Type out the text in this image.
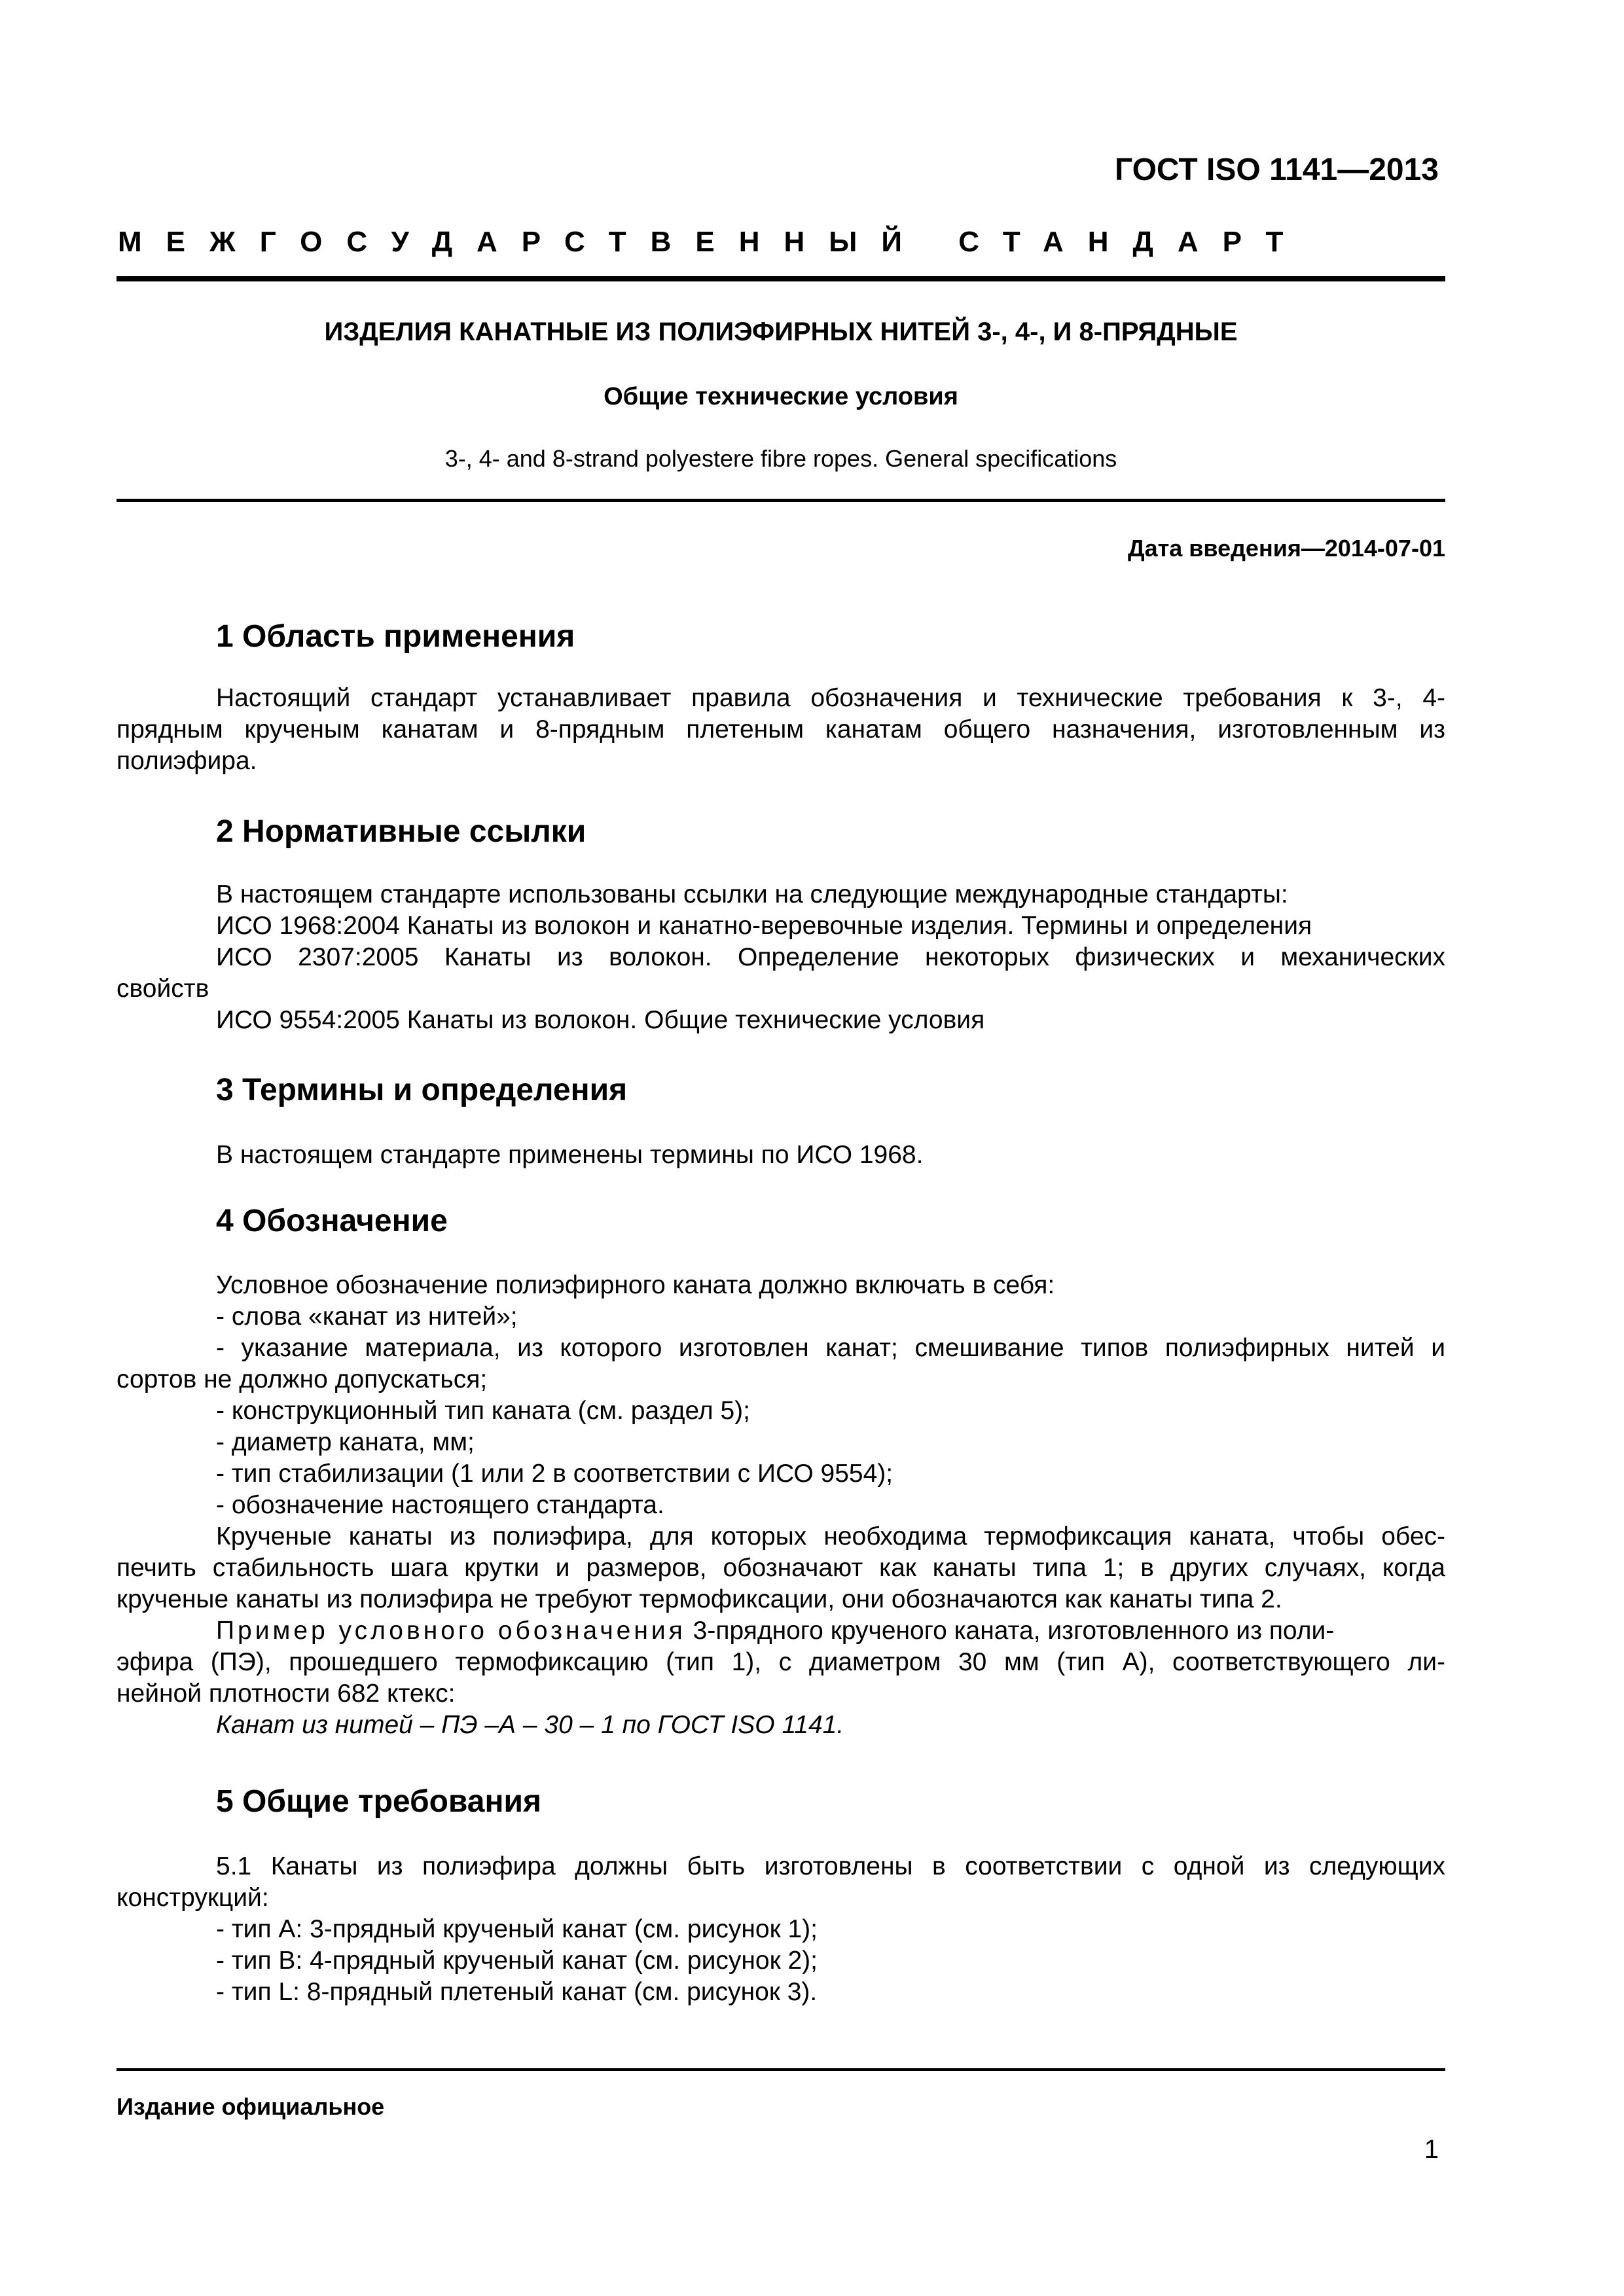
ГОСТ ISO 1141—2013
МЕЖГОСУДАРСТВЕННЫЙ СТАНДАРТ
ИЗДЕЛИЯ КАНАТНЫЕ ИЗ ПОЛИЭФИРНЫХ НИТЕЙ 3-, 4-, И 8-ПРЯДНЫЕ
Общие технические условия
3-, 4- and 8-strand polyestere fibre ropes. General specifications
Дата введения—2014-07-01
1 Область применения
Настоящий стандарт устанавливает правила обозначения и технические требования к 3-, 4-
прядным крученым канатам и 8-прядным плетеным канатам общего назначения, изготовленным из
полиэфира.
2 Нормативные ссылки
В настоящем стандарте использованы ссылки на следующие международные стандарты:
ИСО 1968:2004 Канаты из волокон и канатно-веревочные изделия. Термины и определения
ИСО 2307:2005 Канаты из волокон. Определение некоторых физических и механических
свойств
ИСО 9554:2005 Канаты из волокон. Общие технические условия
3 Термины и определения
В настоящем стандарте применены термины по ИСО 1968.
4 Обозначение
Условное обозначение полиэфирного каната должно включать в себя:
- слова «канат из нитей»;
- указание материала, из которого изготовлен канат; смешивание типов полиэфирных нитей и
сортов не должно допускаться;
- конструкционный тип каната (см. раздел 5);
- диаметр каната, мм;
- тип стабилизации (1 или 2 в соответствии с ИСО 9554);
- обозначение настоящего стандарта.
Крученые канаты из полиэфира, для которых необходима термофиксация каната, чтобы обес-
печить стабильность шага крутки и размеров, обозначают как канаты типа 1; в других случаях, когда
крученые канаты из полиэфира не требуют термофиксации, они обозначаются как канаты типа 2.
Пример условного обозначения 3-прядного крученого каната, изготовленного из поли-
эфира (ПЭ), прошедшего термофиксацию (тип 1), с диаметром 30 мм (тип А), соответствующего ли-
нейной плотности 682 ктекс:
Канат из нитей – ПЭ –А – 30 – 1 по ГОСТ ISO 1141.
5 Общие требования
5.1 Канаты из полиэфира должны быть изготовлены в соответствии с одной из следующих
конструкций:
- тип А: 3-прядный крученый канат (см. рисунок 1);
- тип В: 4-прядный крученый канат (см. рисунок 2);
- тип L: 8-прядный плетеный канат (см. рисунок 3).
Издание официальное
1
